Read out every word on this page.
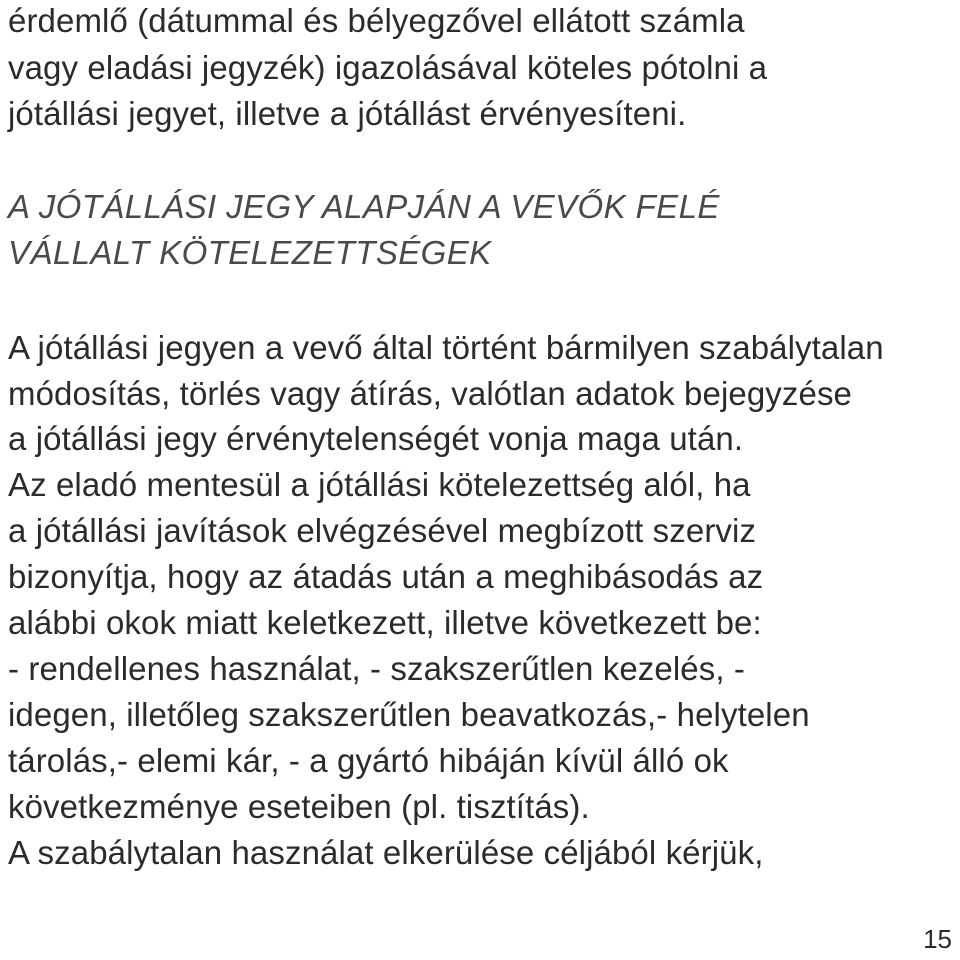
érdemlő (dátummal és bélyegzővel ellátott számla

vagy eladási jegyzék) igazolásával köteles pótolni a

jótállási jegyet, illetve a jótállást érvényesíteni.

A JÓTÁLLÁSI JEGY ALAPJÁN A VEVŐK FELÉ

VÁLLALT KÖTELEZETTSÉGEK

A jótállási jegyen a vevő által történt bármilyen szabálytalan

módosítás, törlés vagy átírás, valótlan adatok bejegyzése

a jótállási jegy érvénytelenségét vonja maga után.

Az eladó mentesül a jótállási kötelezettség alól, ha

a jótállási javítások elvégzésével megbízott szerviz

bizonyítja, hogy az átadás után a meghibásodás az

alábbi okok miatt keletkezett, illetve következett be:

- rendellenes használat, - szakszerűtlen kezelés, -

idegen, illetőleg szakszerűtlen beavatkozás,- helytelen

tárolás,- elemi kár, - a gyártó hibáján kívül álló ok

következménye eseteiben (pl. tisztítás).

A szabálytalan használat elkerülése céljából kérjük,

15
